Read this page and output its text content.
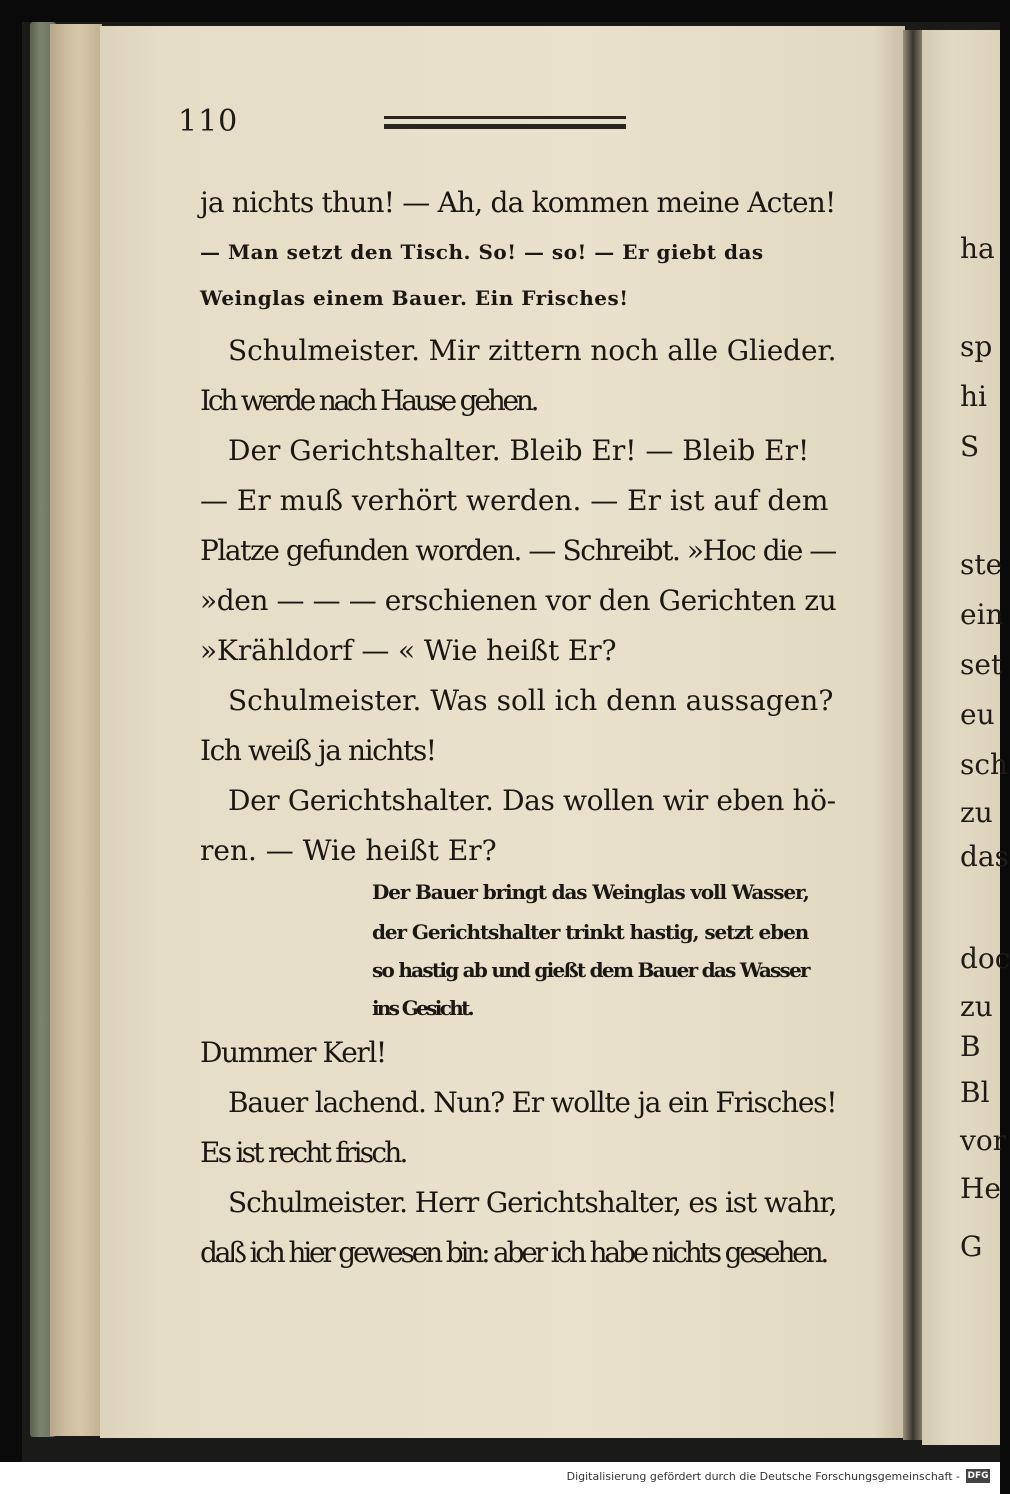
110
ja nichts thun! — Ah, da kommen meine Acten!
— Man setzt den Tisch. So! — so! — Er giebt das
Weinglas einem Bauer. Ein Frisches!
Schulmeister. Mir zittern noch alle Glieder.
Ich werde nach Hause gehen.
Der Gerichtshalter. Bleib Er! — Bleib Er!
— Er muß verhört werden. — Er ist auf dem
Platze gefunden worden. — Schreibt. »Hoc die —
»den — — — erschienen vor den Gerichten zu
»Krähldorf — « Wie heißt Er?
Schulmeister. Was soll ich denn aussagen?
Ich weiß ja nichts!
Der Gerichtshalter. Das wollen wir eben hö-
ren. — Wie heißt Er?
Der Bauer bringt das Weinglas voll Wasser,
der Gerichtshalter trinkt hastig, setzt eben
so hastig ab und gießt dem Bauer das Wasser
ins Gesicht.
Dummer Kerl!
Bauer lachend. Nun? Er wollte ja ein Frisches!
Es ist recht frisch.
Schulmeister. Herr Gerichtshalter, es ist wahr,
daß ich hier gewesen bin: aber ich habe nichts gesehen.
ha
sp
hi
S
ste
ein
set
eu
sch
zu
das
doc
zu
B
Bl
vor
He
G
Digitalisierung gefördert durch die Deutsche Forschungsgemeinschaft - DFG
